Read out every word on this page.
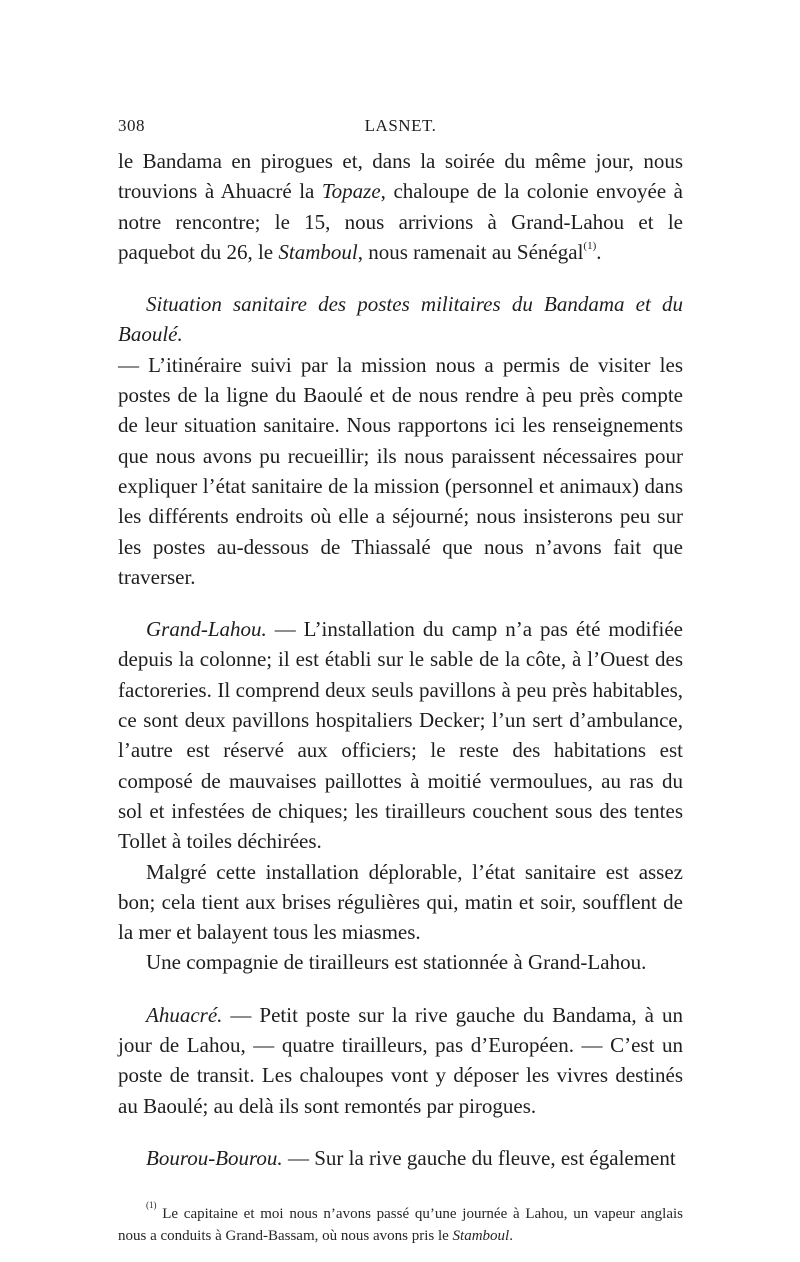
308	LASNET.

le Bandama en pirogues et, dans la soirée du même jour, nous trouvions à Ahuacré la Topaze, chaloupe de la colonie envoyée à notre rencontre; le 15, nous arrivions à Grand-Lahou et le paquebot du 26, le Stamboul, nous ramenait au Sénégal$^{(1)}$.

Situation sanitaire des postes militaires du Bandama et du Baoulé.
— L’itinéraire suivi par la mission nous a permis de visiter les postes de la ligne du Baoulé et de nous rendre à peu près compte de leur situation sanitaire. Nous rapportons ici les renseignements que nous avons pu recueillir; ils nous paraissent nécessaires pour expliquer l’état sanitaire de la mission (personnel et animaux) dans les différents endroits où elle a séjourné; nous insisterons peu sur les postes au-dessous de Thiassalé que nous n’avons fait que traverser.

Grand-Lahou. — L’installation du camp n’a pas été modifiée depuis la colonne; il est établi sur le sable de la côte, à l’Ouest des factoreries. Il comprend deux seuls pavillons à peu près habitables, ce sont deux pavillons hospitaliers Decker; l’un sert d’ambulance, l’autre est réservé aux officiers; le reste des habitations est composé de mauvaises paillottes à moitié vermoulues, au ras du sol et infestées de chiques; les tirailleurs couchent sous des tentes Tollet à toiles déchirées.

Malgré cette installation déplorable, l’état sanitaire est assez bon; cela tient aux brises régulières qui, matin et soir, soufflent de la mer et balayent tous les miasmes.

Une compagnie de tirailleurs est stationnée à Grand-Lahou.

Ahuacré. — Petit poste sur la rive gauche du Bandama, à un jour de Lahou, — quatre tirailleurs, pas d’Européen. — C’est un poste de transit. Les chaloupes vont y déposer les vivres destinés au Baoulé; au delà ils sont remontés par pirogues.

Bourou-Bourou. — Sur la rive gauche du fleuve, est également

$^{(1)}$ Le capitaine et moi nous n’avons passé qu’une journée à Lahou, un vapeur anglais nous a conduits à Grand-Bassam, où nous avons pris le Stamboul.
